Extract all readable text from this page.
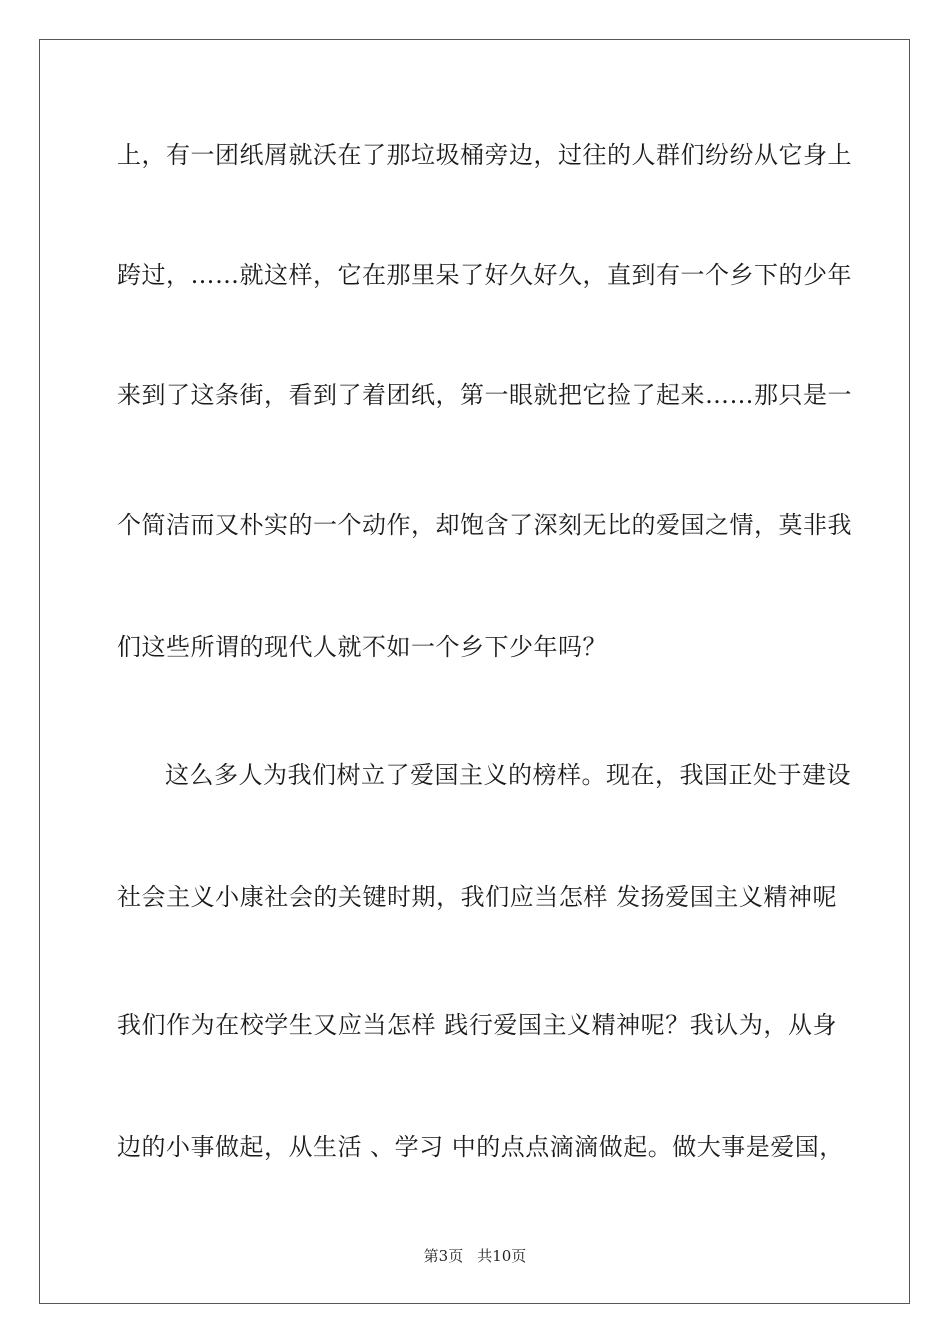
上，有一团纸屑就沃在了那垃圾桶旁边，过往的人群们纷纷从它身上
跨过，……就这样，它在那里呆了好久好久，直到有一个乡下的少年
来到了这条街，看到了着团纸，第一眼就把它捡了起来……那只是一
个简洁而又朴实的一个动作，却饱含了深刻无比的爱国之情，莫非我
们这些所谓的现代人就不如一个乡下少年吗？
这么多人为我们树立了爱国主义的榜样。现在，我国正处于建设
社会主义小康社会的关键时期，我们应当怎样 发扬爱国主义精神呢
我们作为在校学生又应当怎样 践行爱国主义精神呢？我认为，从身
边的小事做起，从生活 、学习 中的点点滴滴做起。做大事是爱国，
第3页 共10页
